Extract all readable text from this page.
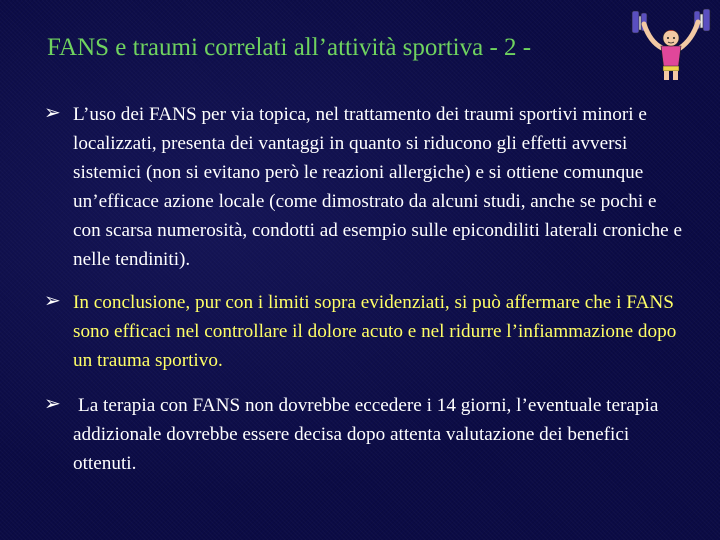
FANS e traumi correlati all’attività sportiva - 2 -
➢ L’uso dei FANS per via topica, nel trattamento dei traumi sportivi minori e localizzati, presenta dei vantaggi in quanto si riducono gli effetti avversi sistemici (non si evitano però le reazioni allergiche) e si ottiene comunque un’efficace azione locale (come dimostrato da alcuni studi, anche se pochi e con scarsa numerosità, condotti ad esempio sulle epicondiliti laterali croniche e nelle tendiniti).
➢ In conclusione, pur con i limiti sopra evidenziati, si può affermare che i FANS sono efficaci nel controllare il dolore acuto e nel ridurre l’infiammazione dopo un trauma sportivo.
➢ La terapia con FANS non dovrebbe eccedere i 14 giorni, l’eventuale terapia addizionale dovrebbe essere decisa dopo attenta valutazione dei benefici ottenuti.
